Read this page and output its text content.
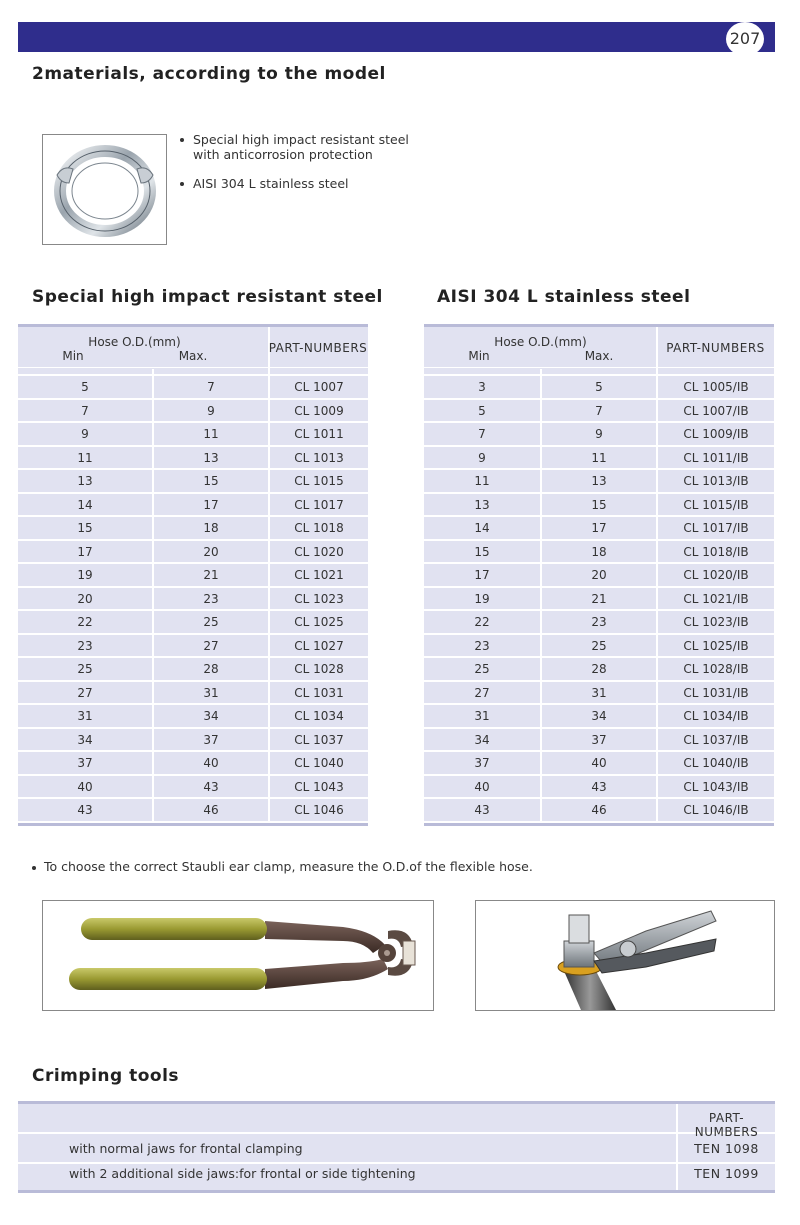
207
2materials, according to the model
Special high impact resistant steel
with anticorrosion protection
AISI 304 L stainless steel
Special high impact resistant steel
Hose O.D.(mm)
Min	Max.
PART-NUMBERS
5	7	CL 1007
7	9	CL 1009
9	11	CL 1011
11	13	CL 1013
13	15	CL 1015
14	17	CL 1017
15	18	CL 1018
17	20	CL 1020
19	21	CL 1021
20	23	CL 1023
22	25	CL 1025
23	27	CL 1027
25	28	CL 1028
27	31	CL 1031
31	34	CL 1034
34	37	CL 1037
37	40	CL 1040
40	43	CL 1043
43	46	CL 1046
AISI 304 L stainless steel
Hose O.D.(mm)
Min	Max.
PART-NUMBERS
3	5	CL 1005/IB
5	7	CL 1007/IB
7	9	CL 1009/IB
9	11	CL 1011/IB
11	13	CL 1013/IB
13	15	CL 1015/IB
14	17	CL 1017/IB
15	18	CL 1018/IB
17	20	CL 1020/IB
19	21	CL 1021/IB
22	23	CL 1023/IB
23	25	CL 1025/IB
25	28	CL 1028/IB
27	31	CL 1031/IB
31	34	CL 1034/IB
34	37	CL 1037/IB
37	40	CL 1040/IB
40	43	CL 1043/IB
43	46	CL 1046/IB
To choose the correct Staubli ear clamp, measure the O.D.of the flexible hose.
Crimping tools
PART-NUMBERS
with normal jaws for frontal clamping	TEN 1098
with 2 additional side jaws:for frontal or side tightening	TEN 1099
